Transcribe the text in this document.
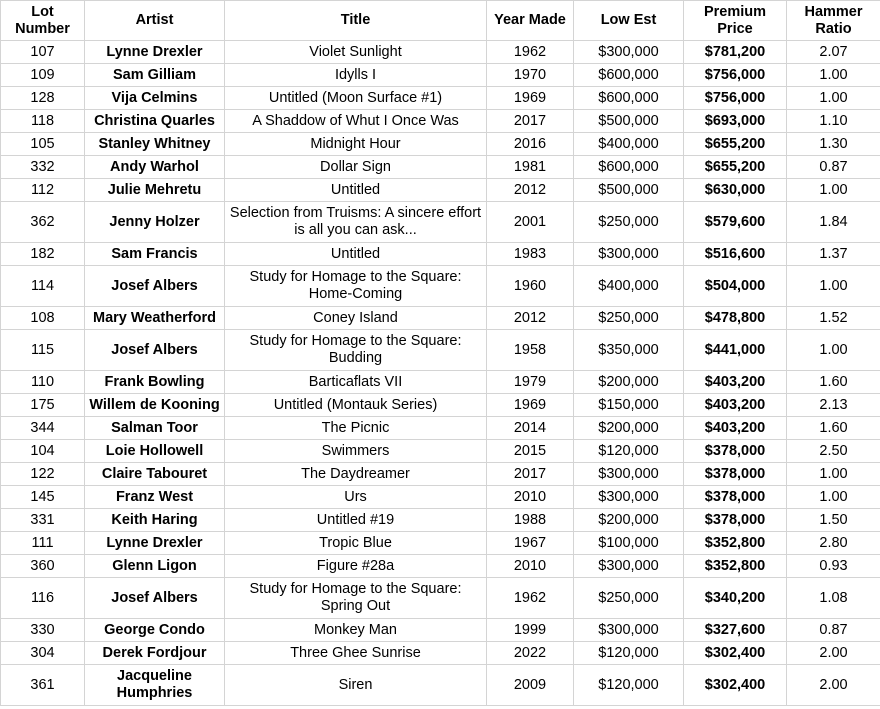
Lot Number	Artist	Title	Year Made	Low Est	Premium Price	Hammer Ratio
107	Lynne Drexler	Violet Sunlight	1962	$300,000	$781,200	2.07
109	Sam Gilliam	Idylls I	1970	$600,000	$756,000	1.00
128	Vija Celmins	Untitled (Moon Surface #1)	1969	$600,000	$756,000	1.00
118	Christina Quarles	A Shaddow of Whut I Once Was	2017	$500,000	$693,000	1.10
105	Stanley Whitney	Midnight Hour	2016	$400,000	$655,200	1.30
332	Andy Warhol	Dollar Sign	1981	$600,000	$655,200	0.87
112	Julie Mehretu	Untitled	2012	$500,000	$630,000	1.00
362	Jenny Holzer	Selection from Truisms: A sincere effort is all you can ask...	2001	$250,000	$579,600	1.84
182	Sam Francis	Untitled	1983	$300,000	$516,600	1.37
114	Josef Albers	Study for Homage to the Square: Home-Coming	1960	$400,000	$504,000	1.00
108	Mary Weatherford	Coney Island	2012	$250,000	$478,800	1.52
115	Josef Albers	Study for Homage to the Square: Budding	1958	$350,000	$441,000	1.00
110	Frank Bowling	Barticaflats VII	1979	$200,000	$403,200	1.60
175	Willem de Kooning	Untitled (Montauk Series)	1969	$150,000	$403,200	2.13
344	Salman Toor	The Picnic	2014	$200,000	$403,200	1.60
104	Loie Hollowell	Swimmers	2015	$120,000	$378,000	2.50
122	Claire Tabouret	The Daydreamer	2017	$300,000	$378,000	1.00
145	Franz West	Urs	2010	$300,000	$378,000	1.00
331	Keith Haring	Untitled #19	1988	$200,000	$378,000	1.50
111	Lynne Drexler	Tropic Blue	1967	$100,000	$352,800	2.80
360	Glenn Ligon	Figure #28a	2010	$300,000	$352,800	0.93
116	Josef Albers	Study for Homage to the Square: Spring Out	1962	$250,000	$340,200	1.08
330	George Condo	Monkey Man	1999	$300,000	$327,600	0.87
304	Derek Fordjour	Three Ghee Sunrise	2022	$120,000	$302,400	2.00
361	Jacqueline Humphries	Siren	2009	$120,000	$302,400	2.00
